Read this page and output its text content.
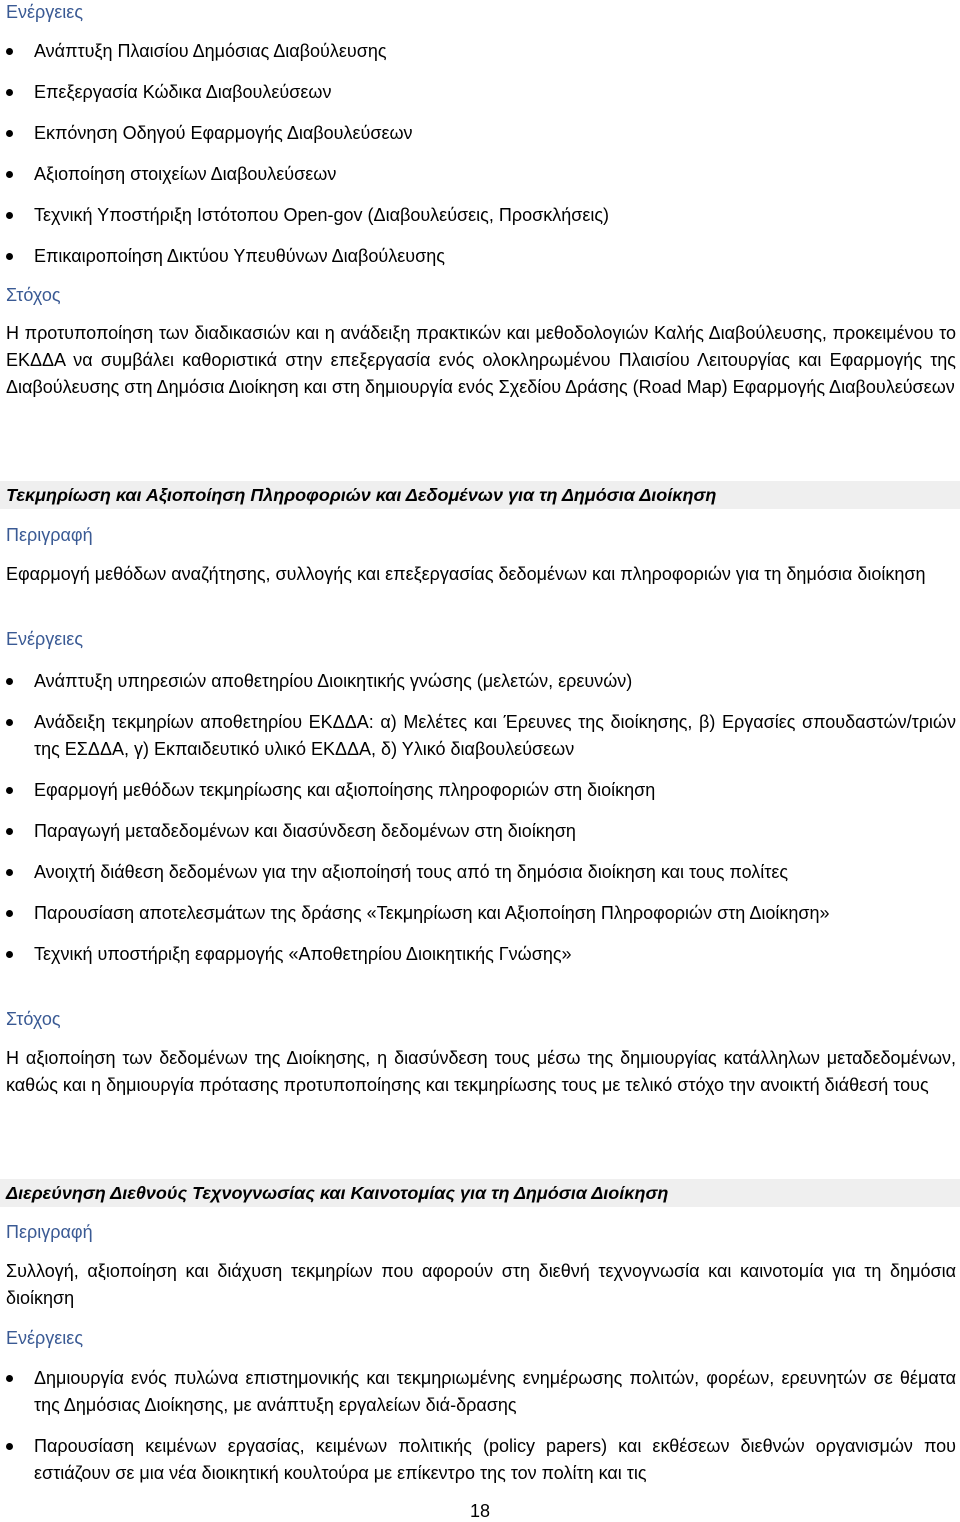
Ενέργειες
Ανάπτυξη Πλαισίου Δημόσιας Διαβούλευσης
Επεξεργασία Κώδικα Διαβουλεύσεων
Εκπόνηση Οδηγού Εφαρμογής Διαβουλεύσεων
Αξιοποίηση στοιχείων Διαβουλεύσεων
Τεχνική Υποστήριξη Ιστότοπου Open-gov (Διαβουλεύσεις, Προσκλήσεις)
Επικαιροποίηση Δικτύου Υπευθύνων Διαβούλευσης
Στόχος
Η προτυποποίηση των διαδικασιών και η ανάδειξη πρακτικών και μεθοδολογιών Καλής Διαβούλευσης, προκειμένου το ΕΚΔΔΑ να συμβάλει καθοριστικά στην επεξεργασία ενός ολοκληρωμένου Πλαισίου Λειτουργίας και Εφαρμογής της Διαβούλευσης στη Δημόσια Διοίκηση και στη δημιουργία ενός Σχεδίου Δράσης (Road Map) Εφαρμογής Διαβουλεύσεων
Τεκμηρίωση και Αξιοποίηση Πληροφοριών και Δεδομένων για τη Δημόσια Διοίκηση
Περιγραφή
Εφαρμογή μεθόδων αναζήτησης, συλλογής και επεξεργασίας δεδομένων και πληροφοριών για τη δημόσια διοίκηση
Ενέργειες
Ανάπτυξη υπηρεσιών αποθετηρίου Διοικητικής γνώσης (μελετών, ερευνών)
Ανάδειξη τεκμηρίων αποθετηρίου ΕΚΔΔΑ: α) Μελέτες και Έρευνες της διοίκησης, β) Εργασίες σπουδαστών/τριών της ΕΣΔΔΑ, γ) Εκπαιδευτικό υλικό ΕΚΔΔΑ, δ) Υλικό διαβουλεύσεων
Εφαρμογή μεθόδων τεκμηρίωσης και αξιοποίησης πληροφοριών στη διοίκηση
Παραγωγή μεταδεδομένων και διασύνδεση δεδομένων στη διοίκηση
Ανοιχτή διάθεση δεδομένων για την αξιοποίησή τους από τη δημόσια διοίκηση και τους πολίτες
Παρουσίαση αποτελεσμάτων της δράσης «Τεκμηρίωση και Αξιοποίηση Πληροφοριών στη Διοίκηση»
Τεχνική υποστήριξη εφαρμογής «Αποθετηρίου Διοικητικής Γνώσης»
Στόχος
Η αξιοποίηση των δεδομένων της Διοίκησης, η διασύνδεση τους μέσω της δημιουργίας κατάλληλων μεταδεδομένων, καθώς και η δημιουργία πρότασης προτυποποίησης και τεκμηρίωσης τους με τελικό στόχο την ανοικτή διάθεσή τους
Διερεύνηση Διεθνούς Τεχνογνωσίας και Καινοτομίας για τη Δημόσια Διοίκηση
Περιγραφή
Συλλογή, αξιοποίηση και διάχυση τεκμηρίων που αφορούν στη διεθνή τεχνογνωσία και καινοτομία για τη δημόσια διοίκηση
Ενέργειες
Δημιουργία ενός πυλώνα επιστημονικής και τεκμηριωμένης ενημέρωσης πολιτών, φορέων, ερευνητών σε θέματα της Δημόσιας Διοίκησης, με ανάπτυξη εργαλείων διά-δρασης
Παρουσίαση κειμένων εργασίας, κειμένων πολιτικής (policy papers) και εκθέσεων διεθνών οργανισμών που εστιάζουν σε μια νέα διοικητική κουλτούρα με επίκεντρο της τον πολίτη και τις
18
